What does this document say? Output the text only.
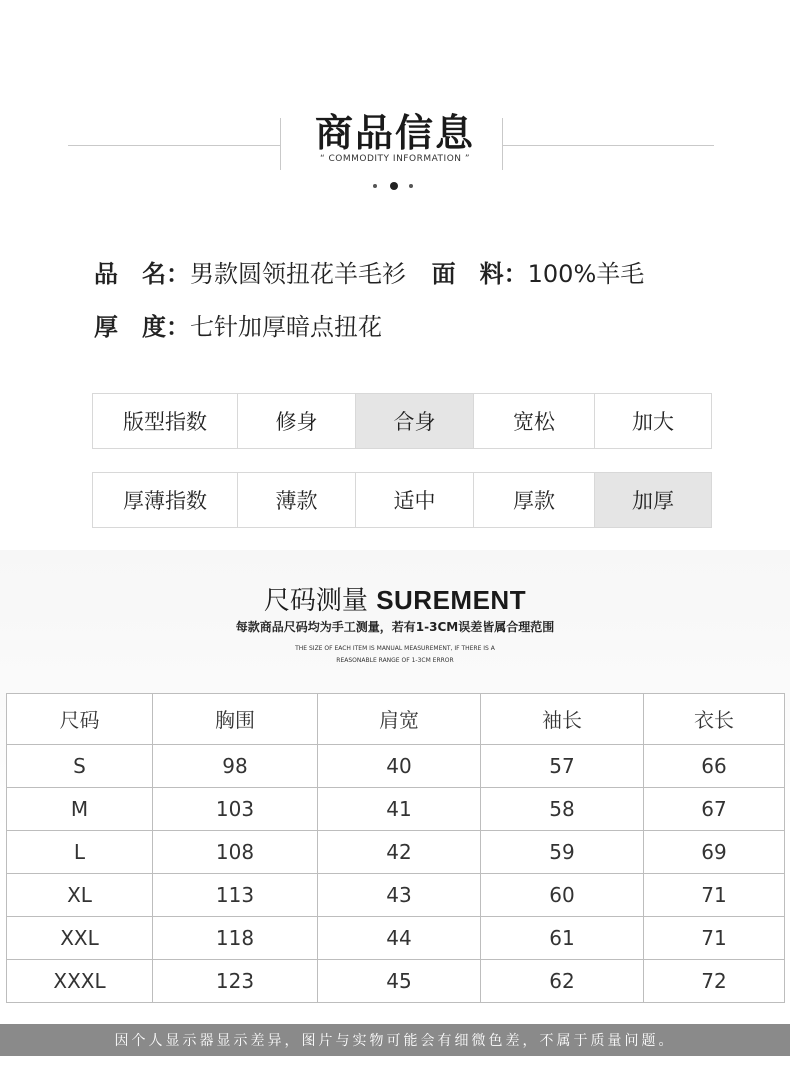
商品信息
“ COMMODITY INFORMATION ”
品　名：男款圆领扭花羊毛衫 面　料：100%羊毛
厚　度：七针加厚暗点扭花
版型指数	修身	合身	宽松	加大
厚薄指数	薄款	适中	厚款	加厚
尺码测量 SUREMENT
每款商品尺码均为手工测量，若有1-3CM误差皆属合理范围
THE SIZE OF EACH ITEM IS MANUAL MEASUREMENT, IF THERE IS A
REASONABLE RANGE OF 1-3CM ERROR
尺码	胸围	肩宽	袖长	衣长
S	98	40	57	66
M	103	41	58	67
L	108	42	59	69
XL	113	43	60	71
XXL	118	44	61	71
XXXL	123	45	62	72
因个人显示器显示差异，图片与实物可能会有细微色差，不属于质量问题。
